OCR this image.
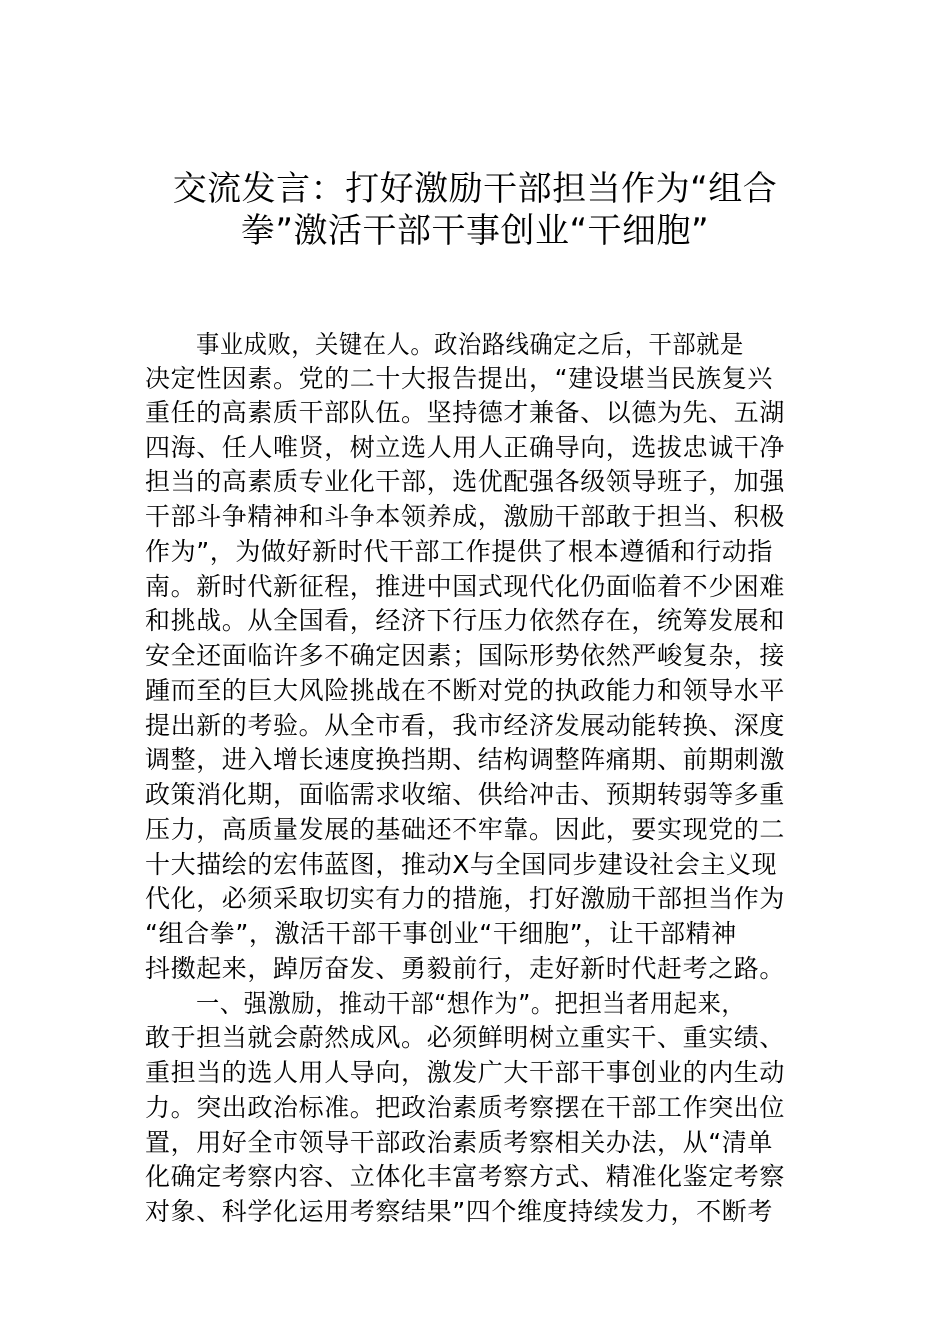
交流发言：打好激励干部担当作为“组合
拳”激活干部干事创业“干细胞”
事业成败，关键在人。政治路线确定之后，干部就是
决定性因素。党的二十大报告提出，“建设堪当民族复兴
重任的高素质干部队伍。坚持德才兼备、以德为先、五湖
四海、任人唯贤，树立选人用人正确导向，选拔忠诚干净
担当的高素质专业化干部，选优配强各级领导班子，加强
干部斗争精神和斗争本领养成，激励干部敢于担当、积极
作为”，为做好新时代干部工作提供了根本遵循和行动指
南。新时代新征程，推进中国式现代化仍面临着不少困难
和挑战。从全国看，经济下行压力依然存在，统筹发展和
安全还面临许多不确定因素；国际形势依然严峻复杂，接
踵而至的巨大风险挑战在不断对党的执政能力和领导水平
提出新的考验。从全市看，我市经济发展动能转换、深度
调整，进入增长速度换挡期、结构调整阵痛期、前期刺激
政策消化期，面临需求收缩、供给冲击、预期转弱等多重
压力，高质量发展的基础还不牢靠。因此，要实现党的二
十大描绘的宏伟蓝图，推动X与全国同步建设社会主义现
代化，必须采取切实有力的措施，打好激励干部担当作为
“组合拳”，激活干部干事创业“干细胞”，让干部精神
抖擞起来，踔厉奋发、勇毅前行，走好新时代赶考之路。
一、强激励，推动干部“想作为”。把担当者用起来，
敢于担当就会蔚然成风。必须鲜明树立重实干、重实绩、
重担当的选人用人导向，激发广大干部干事创业的内生动
力。突出政治标准。把政治素质考察摆在干部工作突出位
置，用好全市领导干部政治素质考察相关办法，从“清单
化确定考察内容、立体化丰富考察方式、精准化鉴定考察
对象、科学化运用考察结果”四个维度持续发力，不断考
